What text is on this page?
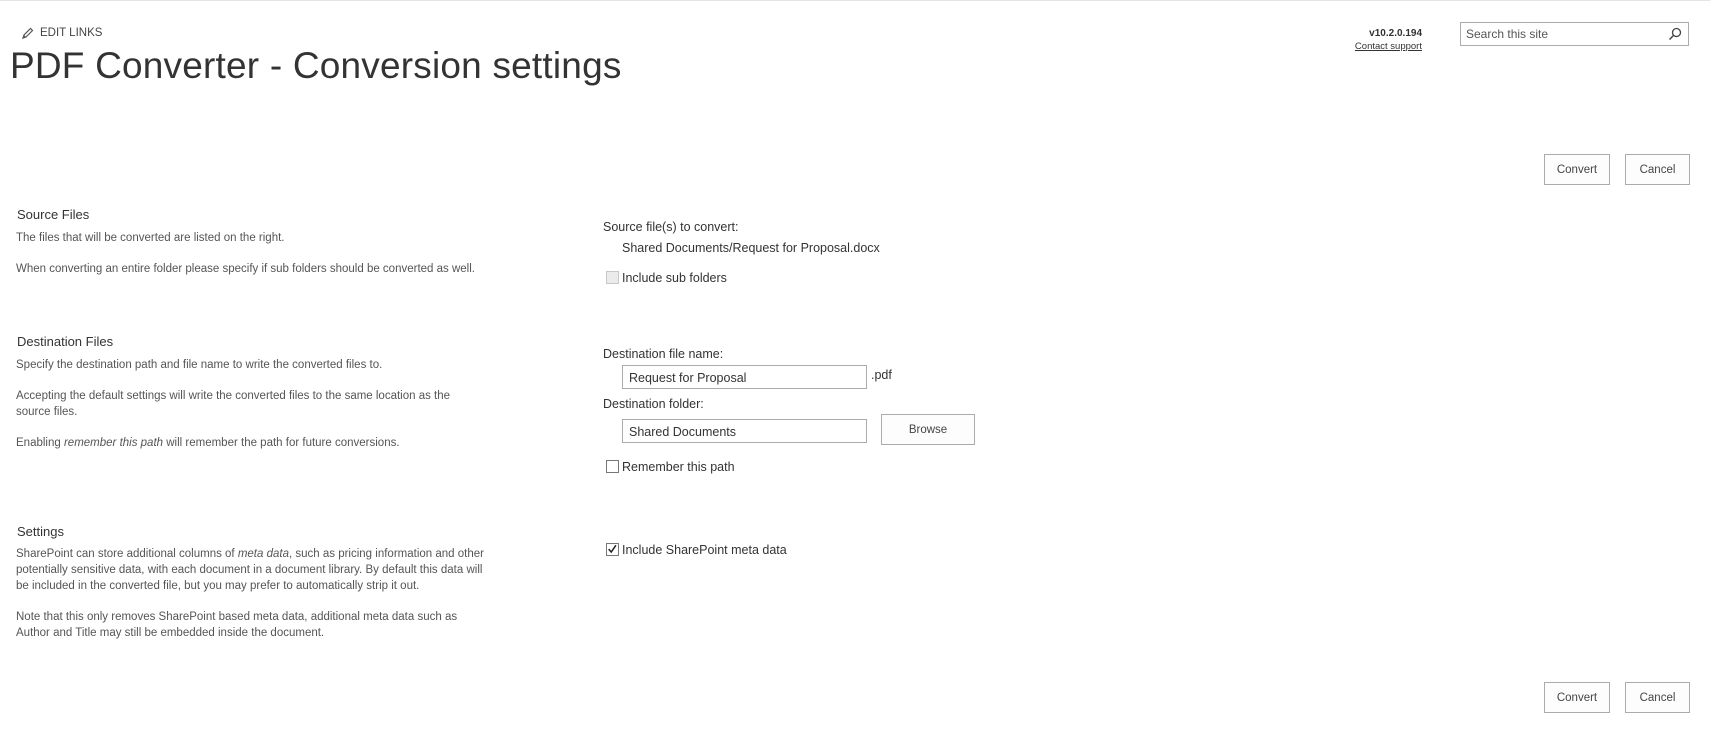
EDIT LINKS
PDF Converter - Conversion settings
v10.2.0.194
Contact support
Search this site
Convert	Cancel
Source Files
The files that will be converted are listed on the right.
When converting an entire folder please specify if sub folders should be converted as well.
Source file(s) to convert:
Shared Documents/Request for Proposal.docx
Include sub folders
Destination Files
Specify the destination path and file name to write the converted files to.
Accepting the default settings will write the converted files to the same location as the source files.
Enabling remember this path will remember the path for future conversions.
Destination file name:
Request for Proposal	.pdf
Destination folder:
Shared Documents	Browse
Remember this path
Settings
SharePoint can store additional columns of meta data, such as pricing information and other potentially sensitive data, with each document in a document library. By default this data will be included in the converted file, but you may prefer to automatically strip it out.
Note that this only removes SharePoint based meta data, additional meta data such as Author and Title may still be embedded inside the document.
Include SharePoint meta data
Convert	Cancel
